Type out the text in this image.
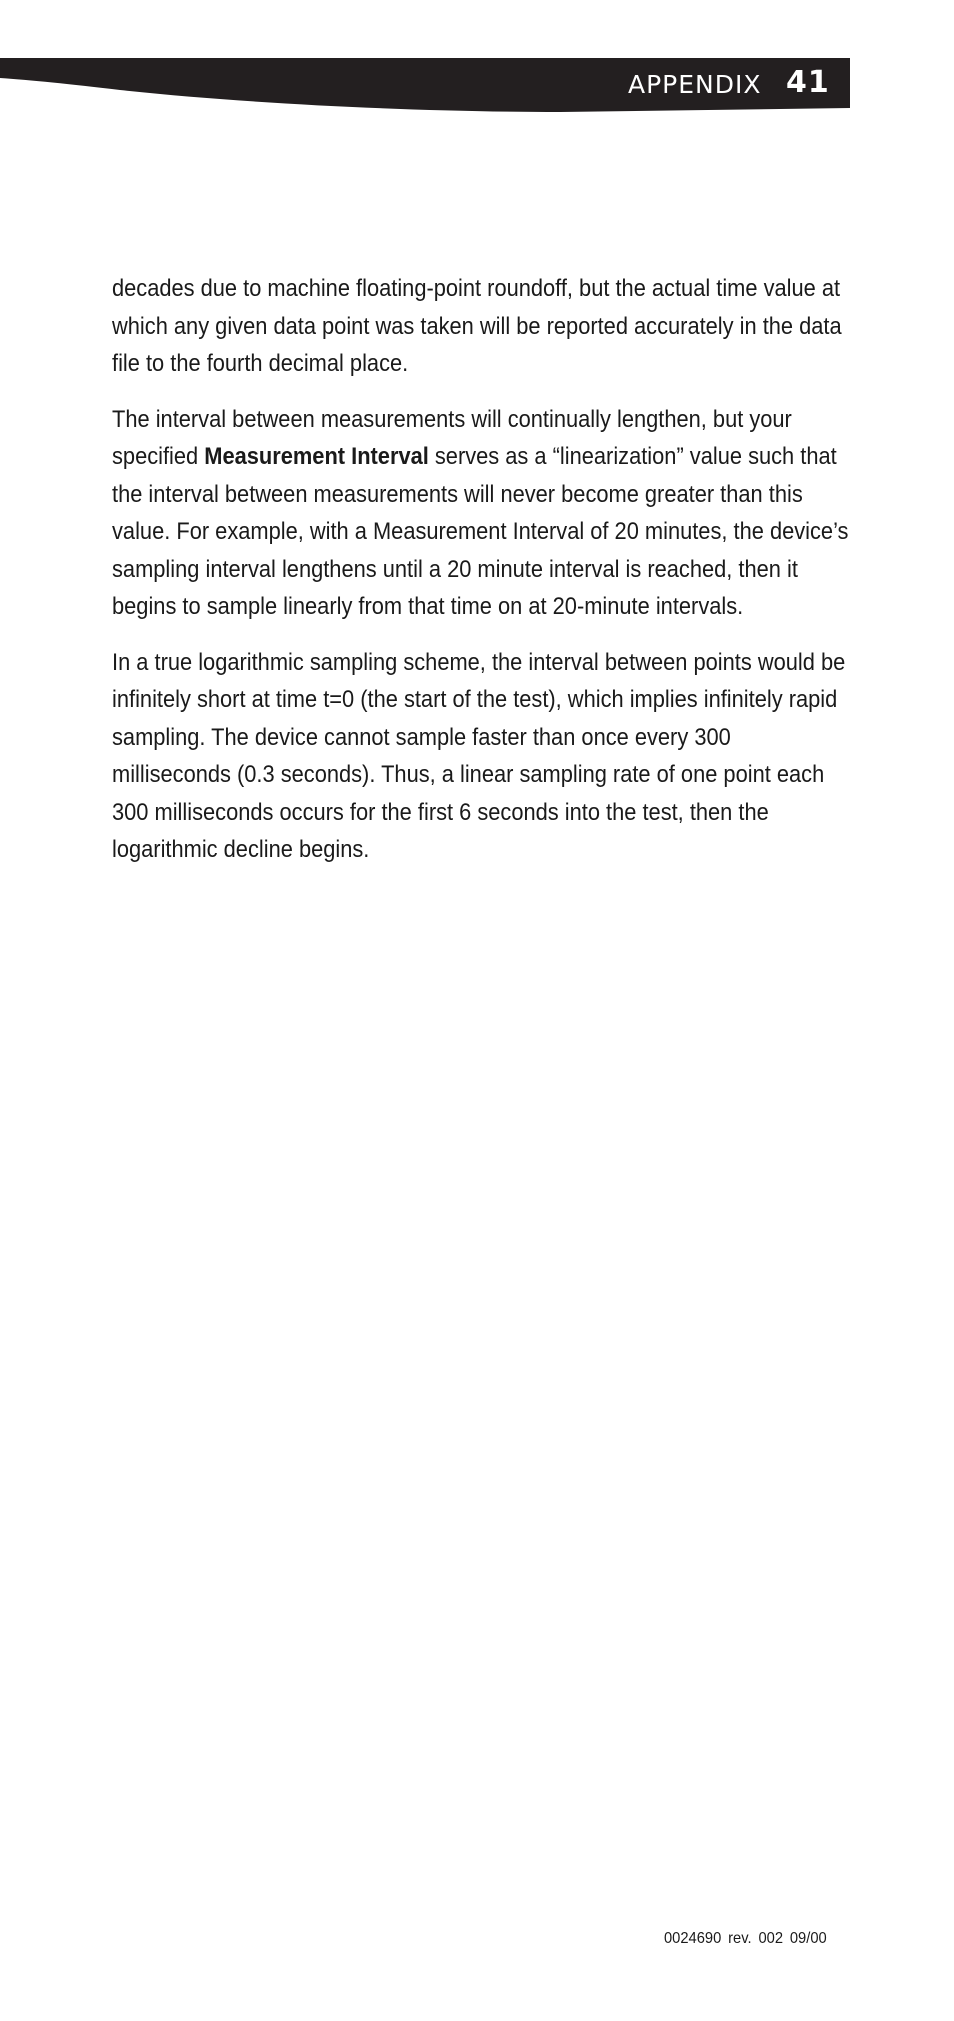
APPENDIX 41

decades due to machine floating-point roundoff, but the actual time value at which any given data point was taken will be reported accurately in the data file to the fourth decimal place.

The interval between measurements will continually lengthen, but your specified Measurement Interval serves as a “linearization” value such that the interval between measurements will never become greater than this value. For example, with a Measurement Interval of 20 minutes, the device’s sampling interval lengthens until a 20 minute interval is reached, then it begins to sample linearly from that time on at 20-minute intervals.

In a true logarithmic sampling scheme, the interval between points would be infinitely short at time t=0 (the start of the test), which implies infinitely rapid sampling. The device cannot sample faster than once every 300 milliseconds (0.3 seconds). Thus, a linear sampling rate of one point each 300 milliseconds occurs for the first 6 seconds into the test, then the logarithmic decline begins.

0024690 rev. 002 09/00
